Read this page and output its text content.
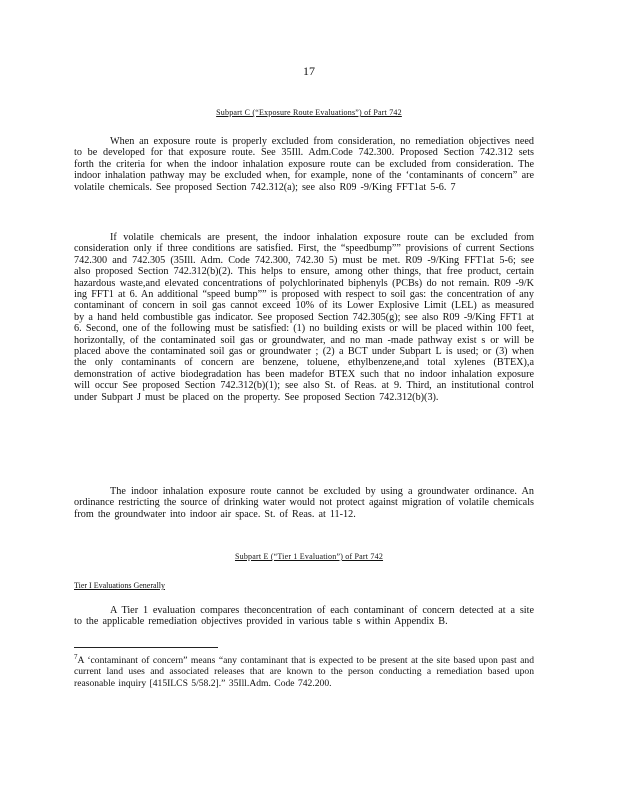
17
Subpart C (“Exposure Route Evaluations”) of Part 742

When an exposure route is properly excluded from consideration, no remediation objectives need to be developed for that exposure route. See 35Ill. Adm.Code 742.300. Proposed Section 742.312 sets forth the criteria for when the indoor inhalation exposure route can be excluded from consideration. The indoor inhalation pathway may be excluded when, for example, none of the ‘contaminants of concern” are volatile chemicals. See proposed Section 742.312(a); see also R09 -9/King FFT1at 5-6. 7

If volatile chemicals are present, the indoor inhalation exposure route can be excluded from consideration only if three conditions are satisfied. First, the “speedbump”” provisions of current Sections 742.300 and 742.305 (35Ill. Adm. Code 742.300, 742.30 5) must be met. R09 -9/King FFT1at 5-6; see also proposed Section 742.312(b)(2). This helps to ensure, among other things, that free product, certain hazardous waste,and elevated concentrations of polychlorinated biphenyls (PCBs) do not remain. R09 -9/K ing FFT1 at 6. An additional “speed bump”” is proposed with respect to soil gas: the concentration of any contaminant of concern in soil gas cannot exceed 10% of its Lower Explosive Limit (LEL) as measured by a hand held combustible gas indicator. See proposed Section 742.305(g); see also R09 -9/King FFT1 at 6. Second, one of the following must be satisfied: (1) no building exists or will be placed within 100 feet, horizontally, of the contaminated soil gas or groundwater, and no man -made pathway exist s or will be placed above the contaminated soil gas or groundwater ; (2) a BCT under Subpart L is used; or (3) when the only contaminants of concern are benzene, toluene, ethylbenzene,and total xylenes (BTEX),a demonstration of active biodegradation has been madefor BTEX such that no indoor inhalation exposure will occur See proposed Section 742.312(b)(1); see also St. of Reas. at 9. Third, an institutional control under Subpart J must be placed on the property. See proposed Section 742.312(b)(3).

The indoor inhalation exposure route cannot be excluded by using a groundwater ordinance. An ordinance restricting the source of drinking water would not protect against migration of volatile chemicals from the groundwater into indoor air space. St. of Reas. at 11-12.

Subpart E (“Tier 1 Evaluation”) of Part 742
Tier I Evaluations Generally

A Tier 1 evaluation compares theconcentration of each contaminant of concern detected at a site to the applicable remediation objectives provided in various table s within Appendix B.

$^7$A ‘contaminant of concern” means “any contaminant that is expected to be present at the site based upon past and current land uses and associated releases that are known to the person conducting a remediation based upon reasonable inquiry [415ILCS 5/58.2].” 35Ill.Adm. Code 742.200.
